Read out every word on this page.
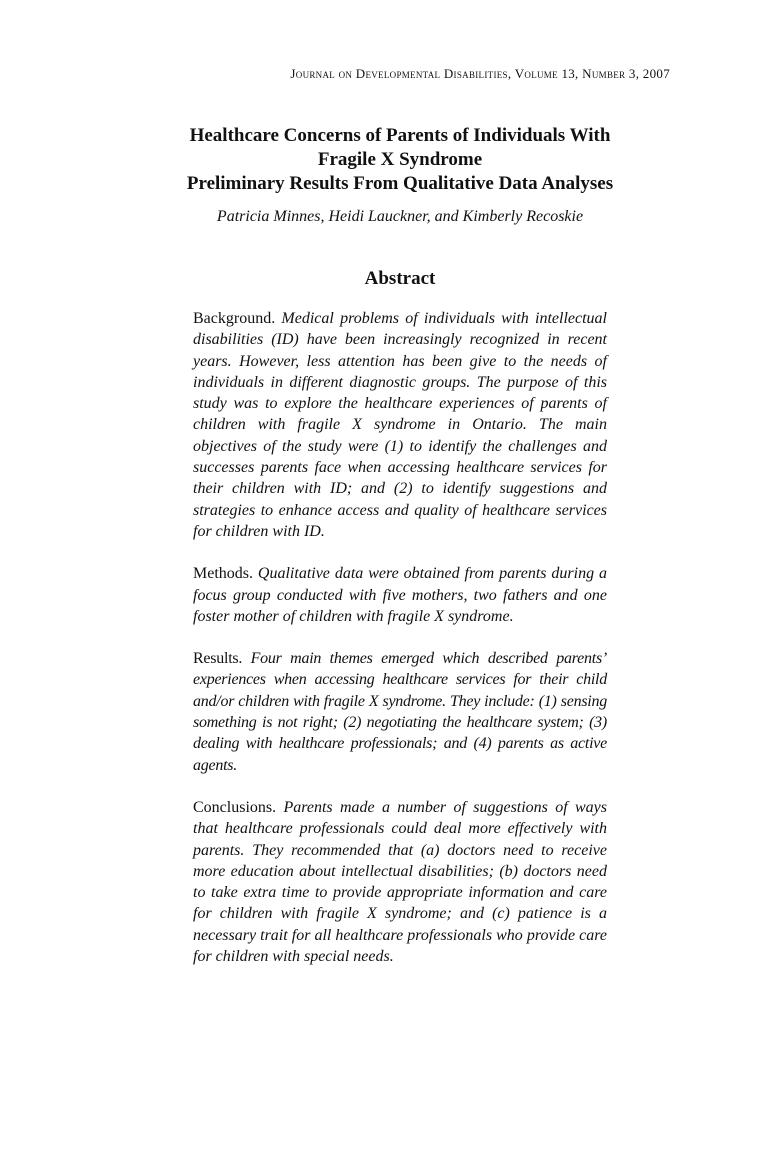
Journal on Developmental Disabilities, Volume 13, Number 3, 2007
Healthcare Concerns of Parents of Individuals With
Fragile X Syndrome
Preliminary Results From Qualitative Data Analyses
Patricia Minnes, Heidi Lauckner, and Kimberly Recoskie
Abstract

Background. Medical problems of individuals with intellectual disabilities (ID) have been increasingly recognized in recent years. However, less attention has been give to the needs of individuals in different diagnostic groups. The purpose of this study was to explore the healthcare experiences of parents of children with fragile X syndrome in Ontario. The main objectives of the study were (1) to identify the challenges and successes parents face when accessing healthcare services for their children with ID; and (2) to identify suggestions and strategies to enhance access and quality of healthcare services for children with ID.

Methods. Qualitative data were obtained from parents during a focus group conducted with five mothers, two fathers and one foster mother of children with fragile X syndrome.

Results. Four main themes emerged which described parents’ experiences when accessing healthcare services for their child and/or children with fragile X syndrome. They include: (1) sensing something is not right; (2) negotiating the healthcare system; (3) dealing with healthcare professionals; and (4) parents as active agents.

Conclusions. Parents made a number of suggestions of ways that healthcare professionals could deal more effectively with parents. They recommended that (a) doctors need to receive more education about intellectual disabilities; (b) doctors need to take extra time to provide appropriate information and care for children with fragile X syndrome; and (c) patience is a necessary trait for all healthcare professionals who provide care for children with special needs.
